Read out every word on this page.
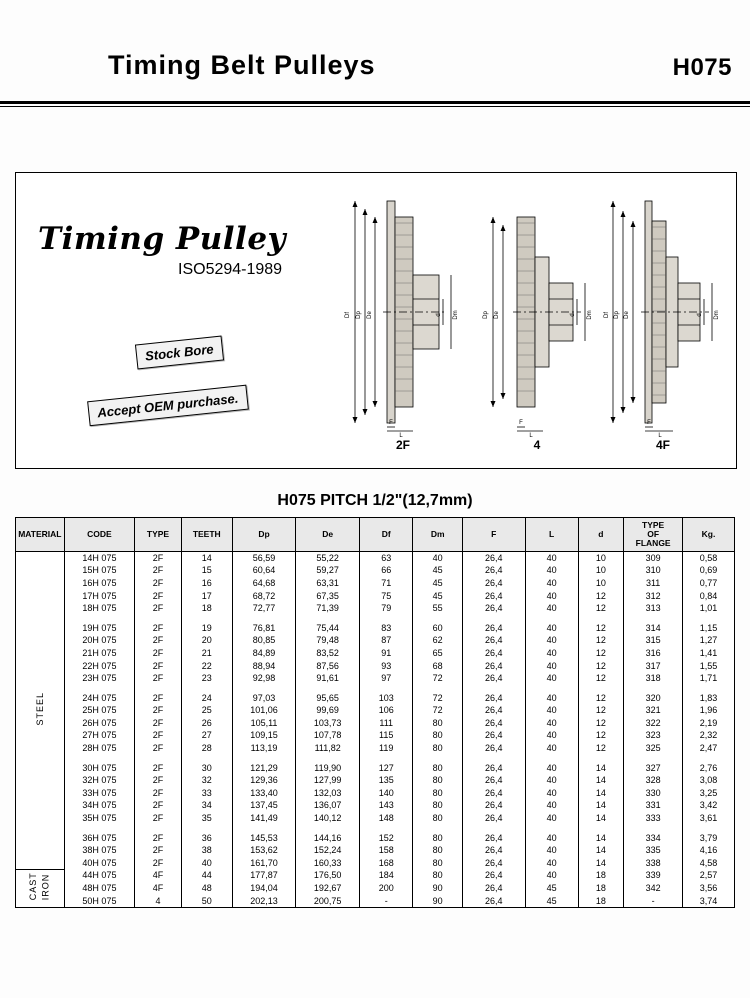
Timing Belt Pulleys	H075
Timing Pulley
ISO5294-1989
Stock Bore
Accept OEM purchase.
Df Dp De	d Dm
F
L
2F
Dp De	d Dm
F
L
4
Df Dp De	d Dm
F
L
4F
H075 PITCH 1/2"(12,7mm)
MATERIAL	CODE	TYPE	TEETH	Dp	De	Df	Dm	F	L	d	TYPE
OF
FLANGE	Kg.
STEEL	14H 075	2F	14	56,59	55,22	63	40	26,4	40	10	309	0,58
	15H 075	2F	15	60,64	59,27	66	45	26,4	40	10	310	0,69
	16H 075	2F	16	64,68	63,31	71	45	26,4	40	10	311	0,77
	17H 075	2F	17	68,72	67,35	75	45	26,4	40	12	312	0,84
	18H 075	2F	18	72,77	71,39	79	55	26,4	40	12	313	1,01

	19H 075	2F	19	76,81	75,44	83	60	26,4	40	12	314	1,15
	20H 075	2F	20	80,85	79,48	87	62	26,4	40	12	315	1,27
	21H 075	2F	21	84,89	83,52	91	65	26,4	40	12	316	1,41
	22H 075	2F	22	88,94	87,56	93	68	26,4	40	12	317	1,55
	23H 075	2F	23	92,98	91,61	97	72	26,4	40	12	318	1,71

	24H 075	2F	24	97,03	95,65	103	72	26,4	40	12	320	1,83
	25H 075	2F	25	101,06	99,69	106	72	26,4	40	12	321	1,96
	26H 075	2F	26	105,11	103,73	111	80	26,4	40	12	322	2,19
	27H 075	2F	27	109,15	107,78	115	80	26,4	40	12	323	2,32
	28H 075	2F	28	113,19	111,82	119	80	26,4	40	12	325	2,47

	30H 075	2F	30	121,29	119,90	127	80	26,4	40	14	327	2,76
	32H 075	2F	32	129,36	127,99	135	80	26,4	40	14	328	3,08
	33H 075	2F	33	133,40	132,03	140	80	26,4	40	14	330	3,25
	34H 075	2F	34	137,45	136,07	143	80	26,4	40	14	331	3,42
	35H 075	2F	35	141,49	140,12	148	80	26,4	40	14	333	3,61

	36H 075	2F	36	145,53	144,16	152	80	26,4	40	14	334	3,79
	38H 075	2F	38	153,62	152,24	158	80	26,4	40	14	335	4,16
	40H 075	2F	40	161,70	160,33	168	80	26,4	40	14	338	4,58
CAST IRON	44H 075	4F	44	177,87	176,50	184	80	26,4	40	18	339	2,57
	48H 075	4F	48	194,04	192,67	200	90	26,4	45	18	342	3,56
	50H 075	4	50	202,13	200,75	-	90	26,4	45	18	-	3,74
